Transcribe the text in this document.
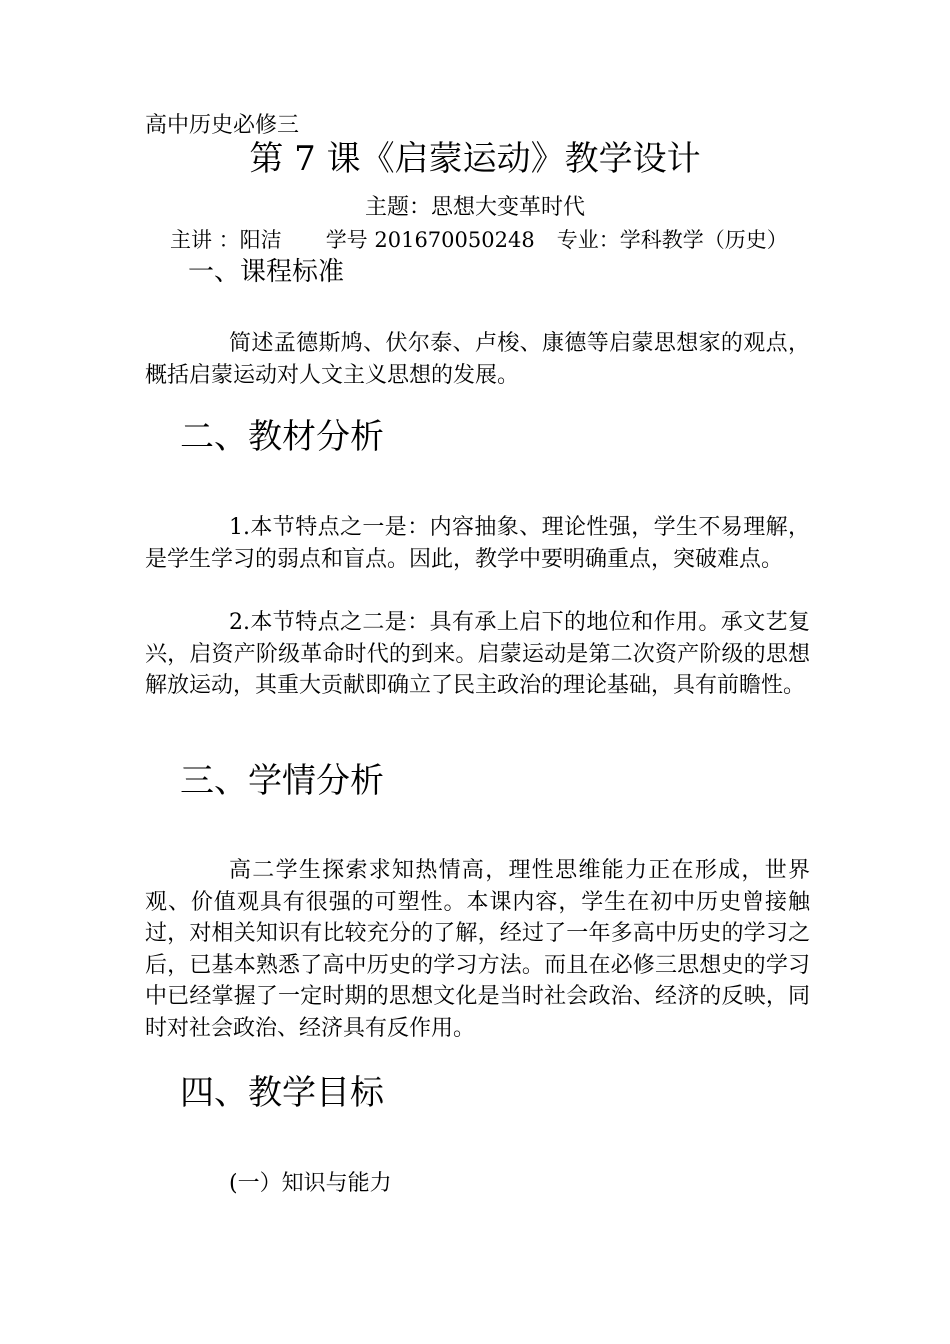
高中历史必修三
第 7 课《启蒙运动》教学设计
主题：思想大变革时代
主讲 ：阳洁 学号 201670050248 专业：学科教学（历史）
一、课程标准

简述孟德斯鸠、伏尔泰、卢梭、康德等启蒙思想家的观点，概括启蒙运动对人文主义思想的发展。

二、教材分析

1.本节特点之一是：内容抽象、理论性强，学生不易理解，是学生学习的弱点和盲点。因此，教学中要明确重点，突破难点。

2.本节特点之二是：具有承上启下的地位和作用。承文艺复兴，启资产阶级革命时代的到来。启蒙运动是第二次资产阶级的思想解放运动，其重大贡献即确立了民主政治的理论基础，具有前瞻性。

三、学情分析

高二学生探索求知热情高，理性思维能力正在形成，世界观、价值观具有很强的可塑性。本课内容，学生在初中历史曾接触过，对相关知识有比较充分的了解，经过了一年多高中历史的学习之后，已基本熟悉了高中历史的学习方法。而且在必修三思想史的学习中已经掌握了一定时期的思想文化是当时社会政治、经济的反映，同时对社会政治、经济具有反作用。

四、教学目标
(一）知识与能力
